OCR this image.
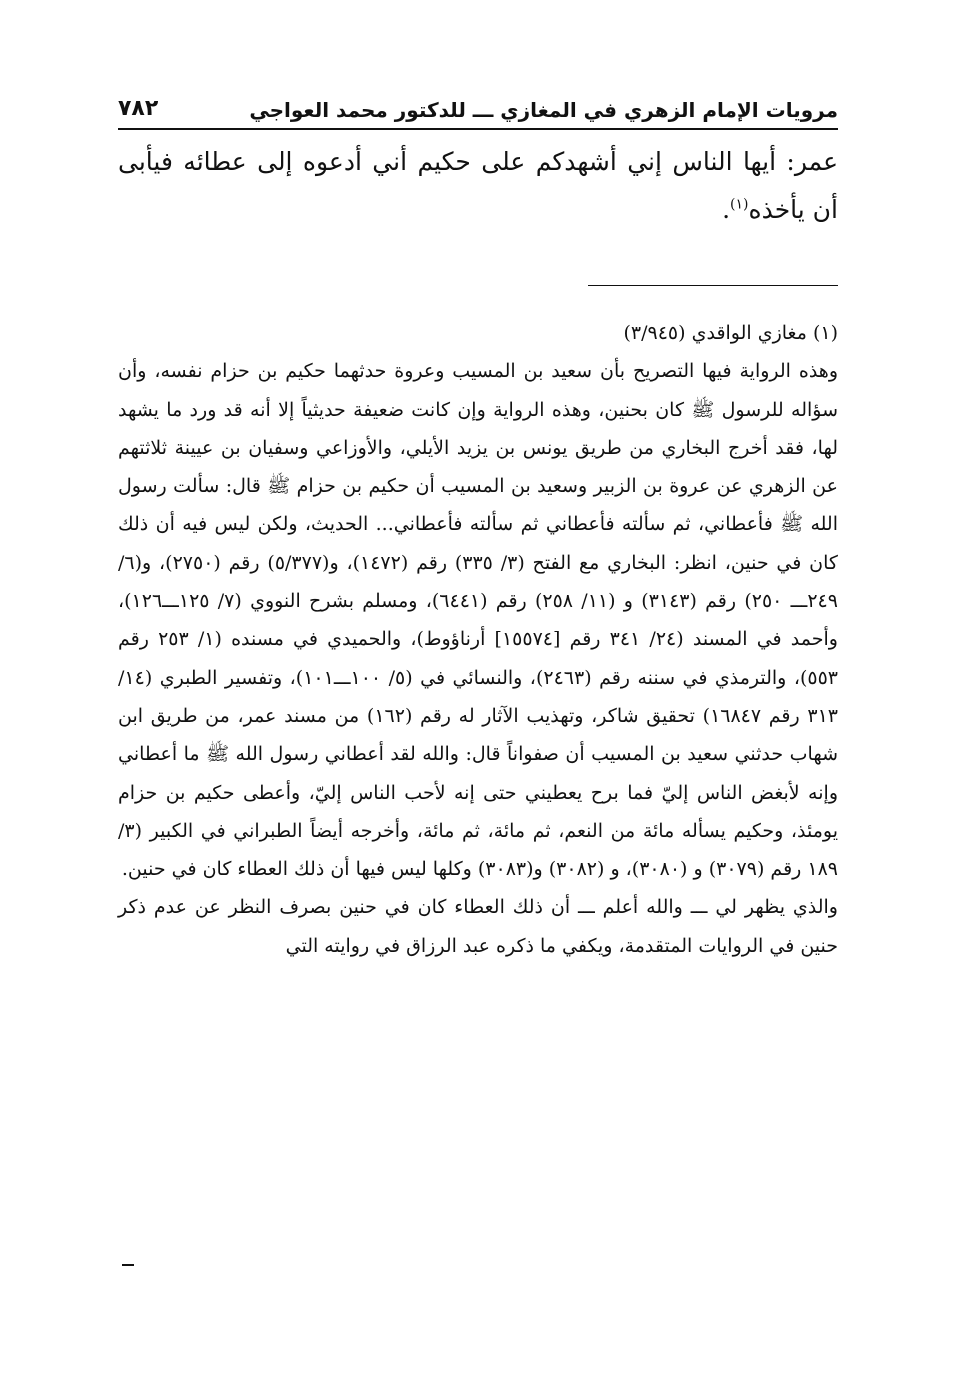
مرويات الإمام الزهري في المغازي ـــ للدكتور محمد العواجي
٧٨٢
عمر: أيها الناس إني أشهدكم على حكيم أني أدعوه إلى عطائه فيأبى أن يأخذه$^{(١)}$.
(١) مغازي الواقدي (٣/٩٤٥)

وهذه الرواية فيها التصريح بأن سعيد بن المسيب وعروة حدثهما حكيم بن حزام نفسه، وأن سؤاله للرسول ﷺ كان بحنين، وهذه الرواية وإن كانت ضعيفة حديثياً إلا أنه قد ورد ما يشهد لها، فقد أخرج البخاري من طريق يونس بن يزيد الأيلي، والأوزاعي وسفيان بن عيينة ثلاثتهم عن الزهري عن عروة بن الزبير وسعيد بن المسيب أن حكيم بن حزام ﷺ قال: سألت رسول الله ﷺ فأعطاني، ثم سألته فأعطاني ثم سألته فأعطاني... الحديث، ولكن ليس فيه أن ذلك كان في حنين، انظر: البخاري مع الفتح (٣/ ٣٣٥) رقم (١٤٧٢)، و(٥/٣٧٧) رقم (٢٧٥٠)، و(٦/ ٢٤٩ـــ ٢٥٠) رقم (٣١٤٣) و (١١/ ٢٥٨) رقم (٦٤٤١)، ومسلم بشرح النووي (٧/ ١٢٥ـــ١٢٦)، وأحمد في المسند (٢٤/ ٣٤١ رقم [١٥٥٧٤] أرناؤوط)، والحميدي في مسنده (١/ ٢٥٣ رقم ٥٥٣)، والترمذي في سننه رقم (٢٤٦٣)، والنسائي في (٥/ ١٠٠ـــ١٠١)، وتفسير الطبري (١٤/ ٣١٣ رقم ١٦٨٤٧) تحقيق شاكر، وتهذيب الآثار له رقم (١٦٢) من مسند عمر، من طريق ابن شهاب حدثني سعيد بن المسيب أن صفواناً قال: والله لقد أعطاني رسول الله ﷺ ما أعطاني وإنه لأبغض الناس إليّ فما برح يعطيني حتى إنه لأحب الناس إليّ، وأعطى حكيم بن حزام يومئذ، وحكيم يسأله مائة من النعم، ثم مائة، ثم مائة، وأخرجه أيضاً الطبراني في الكبير (٣/ ١٨٩ رقم (٣٠٧٩) و (٣٠٨٠)، و (٣٠٨٢) و(٣٠٨٣) وكلها ليس فيها أن ذلك العطاء كان في حنين.

والذي يظهر لي ـــ والله أعلم ـــ أن ذلك العطاء كان في حنين بصرف النظر عن عدم ذكر حنين في الروايات المتقدمة، ويكفي ما ذكره عبد الرزاق في روايته التي
